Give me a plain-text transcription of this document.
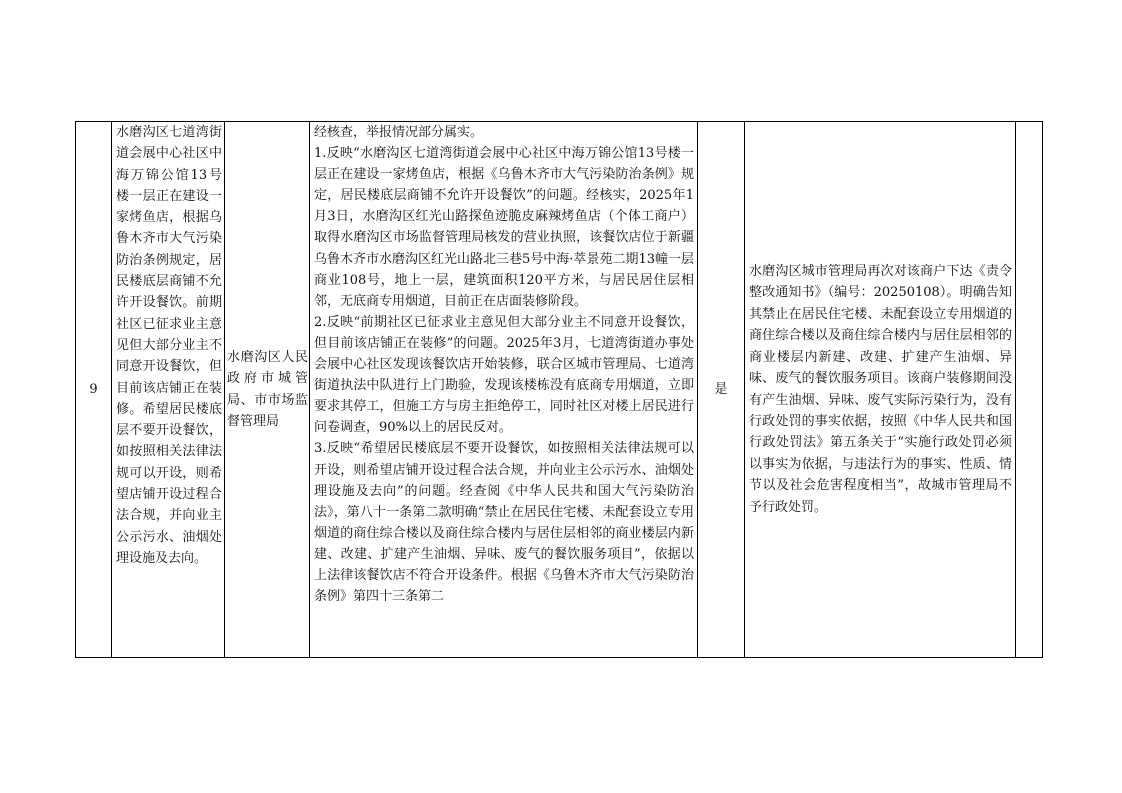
9

水磨沟区七道湾街道会展中心社区中海万锦公馆13号楼一层正在建设一家烤鱼店，根据乌鲁木齐市大气污染防治条例规定，居民楼底层商铺不允许开设餐饮。前期社区已征求业主意见但大部分业主不同意开设餐饮，但目前该店铺正在装修。希望居民楼底层不要开设餐饮，如按照相关法律法规可以开设，则希望店铺开设过程合法合规，并向业主公示污水、油烟处理设施及去向。

水磨沟区人民政府市城管局、市市场监督管理局

经核查，举报情况部分属实。
1.反映“水磨沟区七道湾街道会展中心社区中海万锦公馆13号楼一层正在建设一家烤鱼店，根据《乌鲁木齐市大气污染防治条例》规定，居民楼底层商铺不允许开设餐饮”的问题。经核实，2025年1月3日，水磨沟区红光山路探鱼迹脆皮麻辣烤鱼店（个体工商户）取得水磨沟区市场监督管理局核发的营业执照，该餐饮店位于新疆乌鲁木齐市水磨沟区红光山路北三巷5号中海·萃景苑二期13幢一层商业108号，地上一层，建筑面积120平方米，与居民居住层相邻，无底商专用烟道，目前正在店面装修阶段。
2.反映“前期社区已征求业主意见但大部分业主不同意开设餐饮，但目前该店铺正在装修”的问题。2025年3月，七道湾街道办事处会展中心社区发现该餐饮店开始装修，联合区城市管理局、七道湾街道执法中队进行上门勘验，发现该楼栋没有底商专用烟道，立即要求其停工，但施工方与房主拒绝停工，同时社区对楼上居民进行问卷调查，90%以上的居民反对。
3.反映“希望居民楼底层不要开设餐饮，如按照相关法律法规可以开设，则希望店铺开设过程合法合规，并向业主公示污水、油烟处理设施及去向”的问题。经查阅《中华人民共和国大气污染防治法》，第八十一条第二款明确“禁止在居民住宅楼、未配套设立专用烟道的商住综合楼以及商住综合楼内与居住层相邻的商业楼层内新建、改建、扩建产生油烟、异味、废气的餐饮服务项目”，依据以上法律该餐饮店不符合开设条件。根据《乌鲁木齐市大气污染防治条例》第四十三条第二

是

水磨沟区城市管理局再次对该商户下达《责令整改通知书》（编号：20250108）。明确告知其禁止在居民住宅楼、未配套设立专用烟道的商住综合楼以及商住综合楼内与居住层相邻的商业楼层内新建、改建、扩建产生油烟、异味、废气的餐饮服务项目。该商户装修期间没有产生油烟、异味、废气实际污染行为，没有行政处罚的事实依据，按照《中华人民共和国行政处罚法》第五条关于“实施行政处罚必须以事实为依据，与违法行为的事实、性质、情节以及社会危害程度相当”，故城市管理局不予行政处罚。
